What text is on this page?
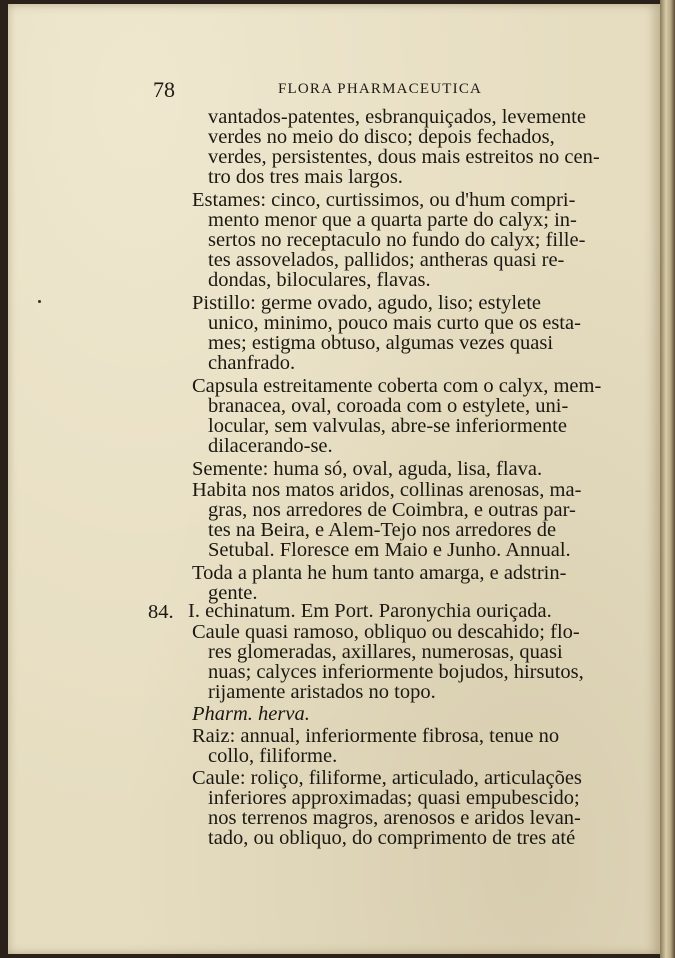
78	FLORA PHARMACEUTICA
vantados-patentes, esbranquiçados, levemente
verdes no meio do disco; depois fechados,
verdes, persistentes, dous mais estreitos no cen-
tro dos tres mais largos.
Estames: cinco, curtissimos, ou d'hum compri-
mento menor que a quarta parte do calyx; in-
sertos no receptaculo no fundo do calyx; fille-
tes assovelados, pallidos; antheras quasi re-
dondas, biloculares, flavas.
Pistillo: germe ovado, agudo, liso; estylete
unico, minimo, pouco mais curto que os esta-
mes; estigma obtuso, algumas vezes quasi
chanfrado.
Capsula estreitamente coberta com o calyx, mem-
branacea, oval, coroada com o estylete, uni-
locular, sem valvulas, abre-se inferiormente
dilacerando-se.
Semente: huma só, oval, aguda, lisa, flava.
Habita nos matos aridos, collinas arenosas, ma-
gras, nos arredores de Coimbra, e outras par-
tes na Beira, e Alem-Tejo nos arredores de
Setubal. Floresce em Maio e Junho. Annual.
Toda a planta he hum tanto amarga, e adstrin-
gente.
84. I. echinatum. Em Port. Paronychia ouriçada.
Caule quasi ramoso, obliquo ou descahido; flo-
res glomeradas, axillares, numerosas, quasi
nuas; calyces inferiormente bojudos, hirsutos,
rijamente aristados no topo.
Pharm. herva.
Raiz: annual, inferiormente fibrosa, tenue no
collo, filiforme.
Caule: roliço, filiforme, articulado, articulações
inferiores approximadas; quasi empubescido;
nos terrenos magros, arenosos e aridos levan-
tado, ou obliquo, do comprimento de tres até
